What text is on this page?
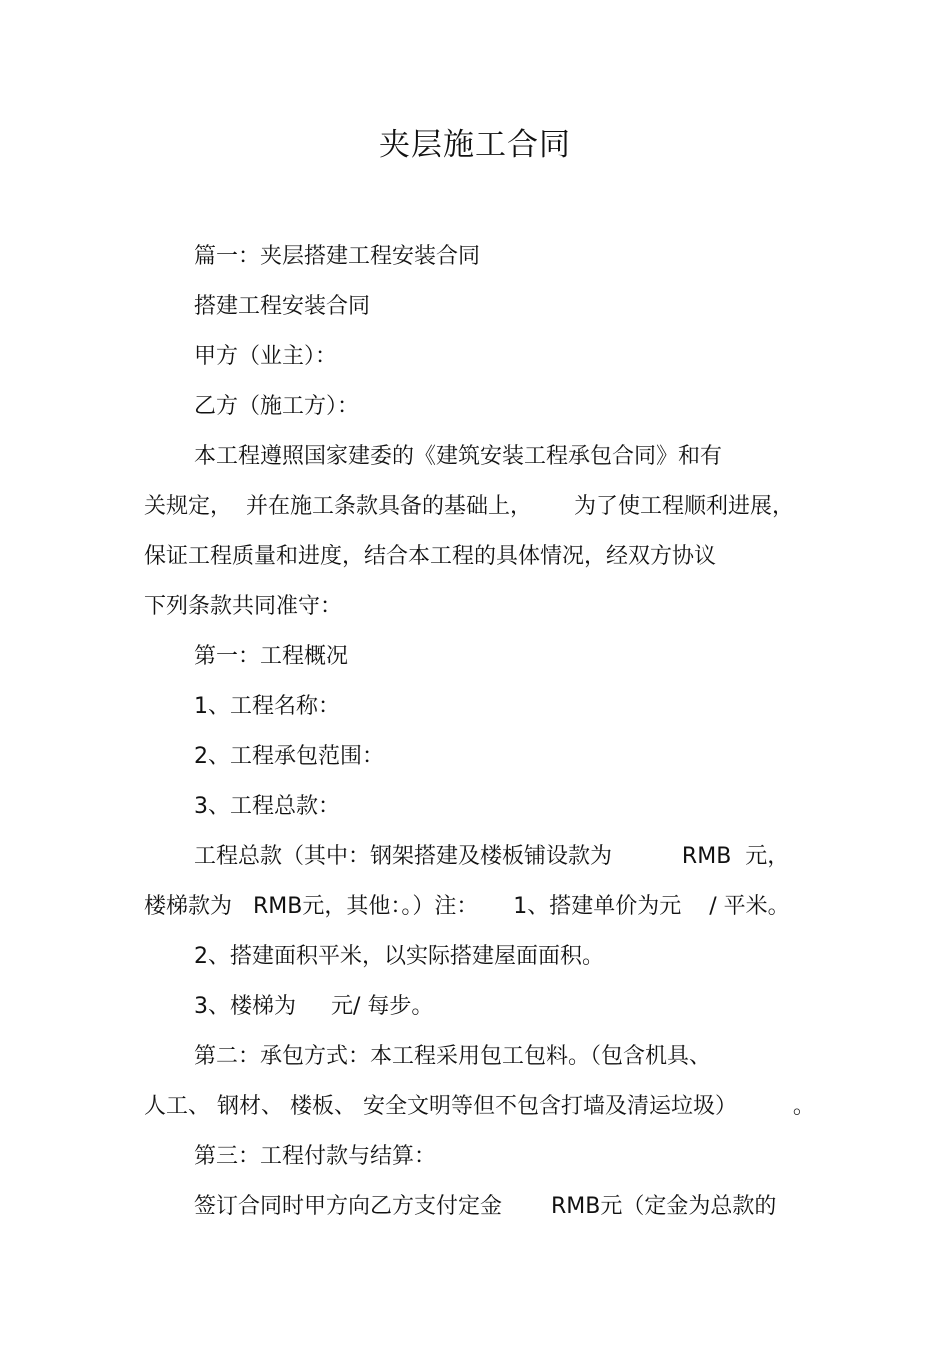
夹层施工合同
篇一：夹层搭建工程安装合同
搭建工程安装合同
甲方（业主）：
乙方（施工方）：
本工程遵照国家建委的《建筑安装工程承包合同》和有
关规定，  并在施工条款具备的基础上，      为了使工程顺利进展，
保证工程质量和进度，结合本工程的具体情况，经双方协议
下列条款共同准守：
第一：工程概况
1、工程名称：
2、工程承包范围：
3、工程总款：
工程总款（其中：钢架搭建及楼板铺设款为          RMB  元，
楼梯款为   RMB元，其他：。）注：     1、搭建单价为元    / 平米。
2、搭建面积平米，以实际搭建屋面面积。
3、楼梯为     元/ 每步。
第二：承包方式：本工程采用包工包料。（包含机具、
人工、 钢材、 楼板、 安全文明等但不包含打墙及清运垃圾）        。
第三：工程付款与结算：
签订合同时甲方向乙方支付定金       RMB元（定金为总款的
